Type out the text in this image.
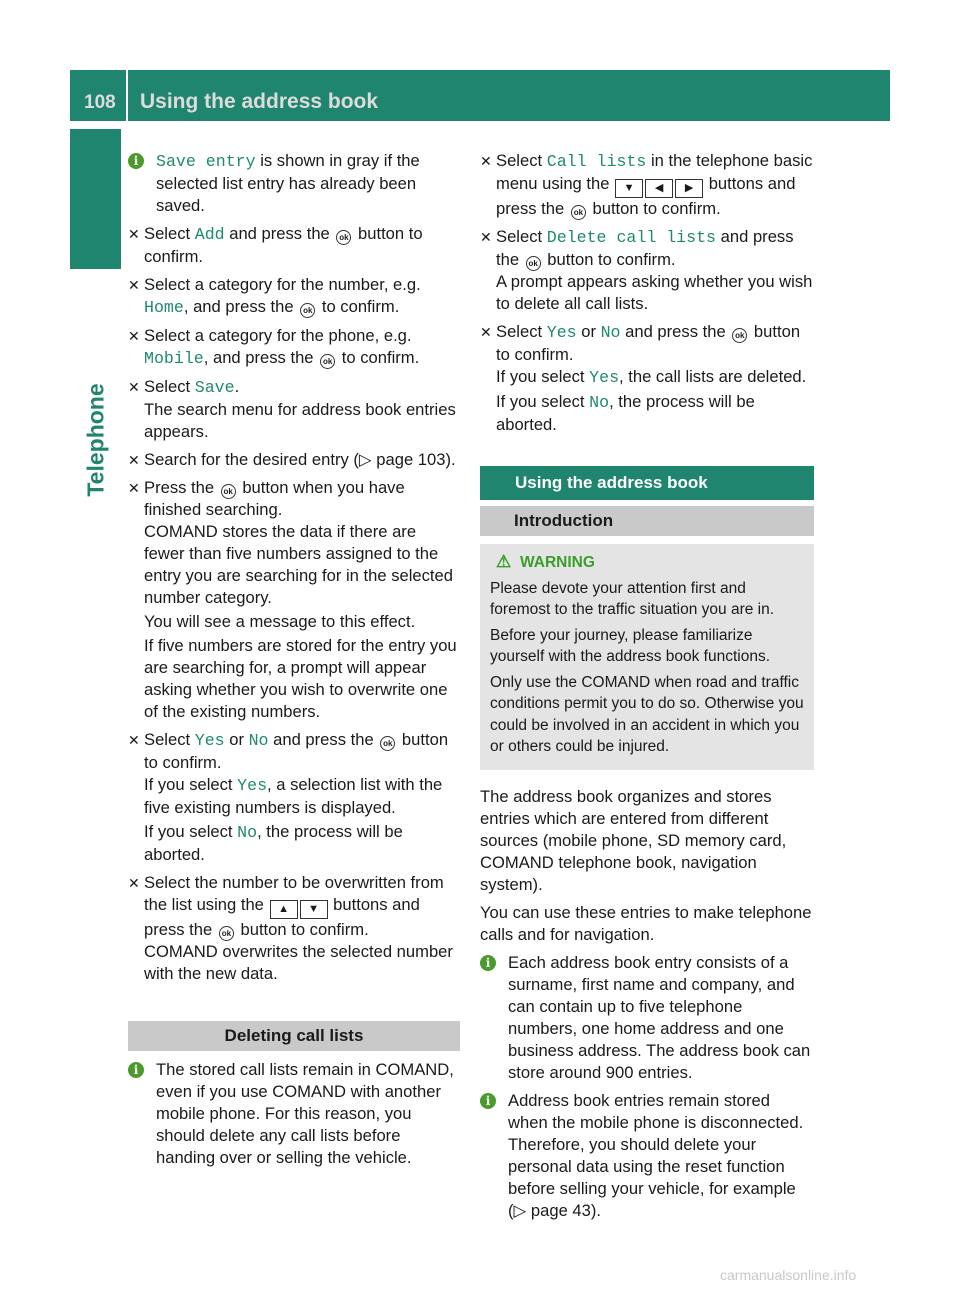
108 Using the address book
Telephone
i	Save entry is shown in gray if the selected list entry has already been saved.
✕ Select Add and press the ok button to confirm.
✕ Select a category for the number, e.g. Home, and press the ok to confirm.
✕ Select a category for the phone, e.g. Mobile, and press the ok to confirm.
✕ Select Save.
The search menu for address book entries appears.
✕ Search for the desired entry (▷ page 103).
✕ Press the ok button when you have finished searching.
COMAND stores the data if there are fewer than five numbers assigned to the entry you are searching for in the selected number category.
You will see a message to this effect.
If five numbers are stored for the entry you are searching for, a prompt will appear asking whether you wish to overwrite one of the existing numbers.
✕ Select Yes or No and press the ok button to confirm.
If you select Yes, a selection list with the five existing numbers is displayed.
If you select No, the process will be aborted.
✕ Select the number to be overwritten from the list using the ▲ ▼ buttons and press the ok button to confirm.
COMAND overwrites the selected number with the new data.
Deleting call lists
i	The stored call lists remain in COMAND, even if you use COMAND with another mobile phone. For this reason, you should delete any call lists before handing over or selling the vehicle.
✕ Select Call lists in the telephone basic menu using the ▼ ◀ ▶ buttons and press the ok button to confirm.
✕ Select Delete call lists and press the ok button to confirm.
A prompt appears asking whether you wish to delete all call lists.
✕ Select Yes or No and press the ok button to confirm.
If you select Yes, the call lists are deleted.
If you select No, the process will be aborted.
Using the address book
Introduction
⚠ WARNING

Please devote your attention first and foremost to the traffic situation you are in.

Before your journey, please familiarize yourself with the address book functions.

Only use the COMAND when road and traffic conditions permit you to do so. Otherwise you could be involved in an accident in which you or others could be injured.

The address book organizes and stores entries which are entered from different sources (mobile phone, SD memory card, COMAND telephone book, navigation system).

You can use these entries to make telephone calls and for navigation.

i	Each address book entry consists of a surname, first name and company, and can contain up to five telephone numbers, one home address and one business address. The address book can store around 900 entries.
i	Address book entries remain stored when the mobile phone is disconnected.
Therefore, you should delete your personal data using the reset function before selling your vehicle, for example (▷ page 43).
carmanualsonline.info
